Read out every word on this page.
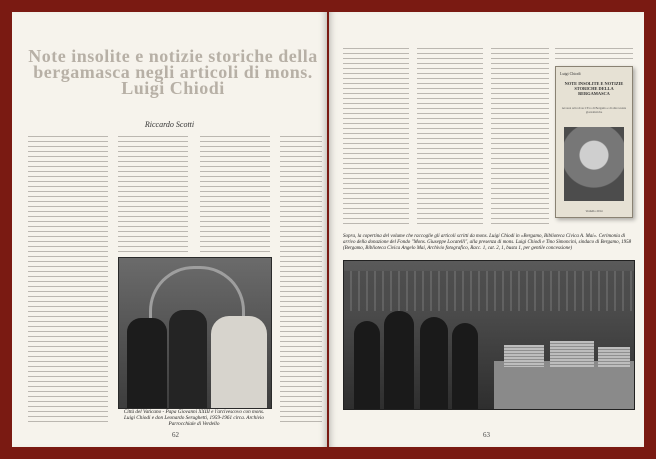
Note insolite e notizie storiche della bergamasca negli articoli di mons. Luigi Chiodi
Riccardo Scotti
Città del Vaticano - Papa Giovanni XXIII e l'arcivescovo con mons. Luigi Chiodi e don Leonardo Serughetti, 1959-1961 circa. Archivio Parrocchiale di Verdello
62
Luigi Chiodi
NOTE INSOLITE E NOTIZIE STORICHE DELLA BERGAMASCA
nei suoi articoli su L'Eco di Bergamo e di altre testate giornalistiche
Verdello 2014
Sopra, la copertina del volume che raccoglie gli articoli scritti da mons. Luigi Chiodi in «Bergamo, Biblioteca Civica A. Mai». Cerimonia di arrivo della donazione del Fondo "Mons. Giuseppe Locatelli", alla presenza di mons. Luigi Chiodi e Tino Simoncini, sindaco di Bergamo, 1958 (Bergamo, Biblioteca Civica Angelo Mai, Archivio fotografico, Racc. 1, cat. 2, 1, busta 1, per gentile concessione)
63
